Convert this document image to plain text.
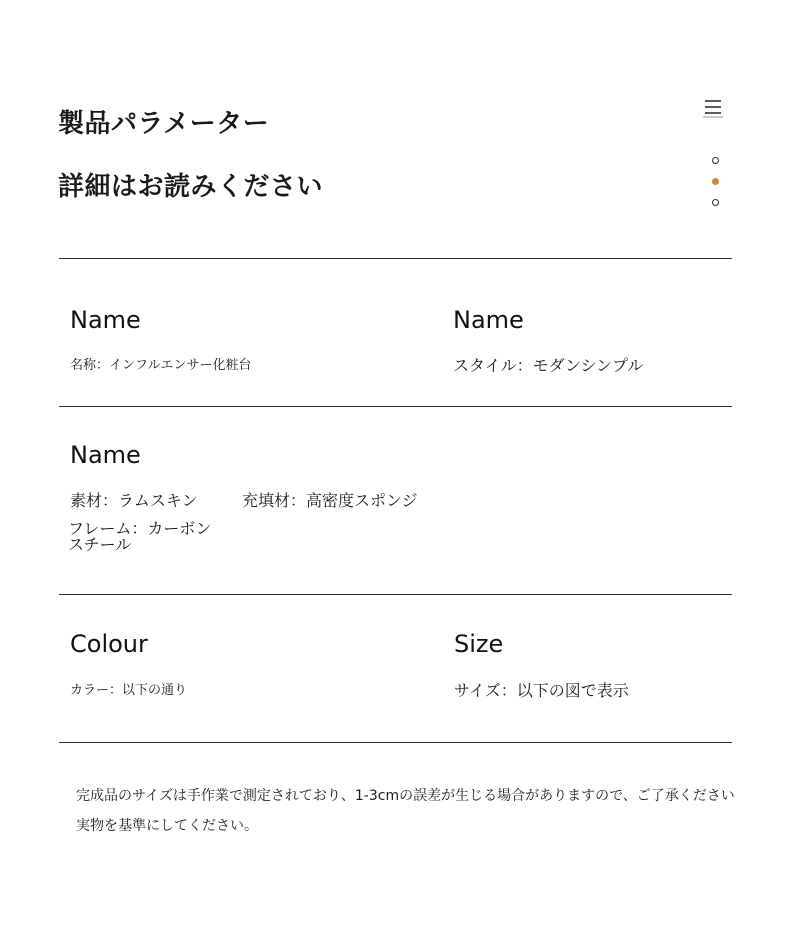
製品パラメーター
詳細はお読みください
Name
名称：インフルエンサー化粧台
Name
スタイル：モダンシンプル
Name
素材：ラムスキン	充填材：高密度スポンジ
フレーム：カーボンスチール
Colour
カラー：以下の通り
Size
サイズ：以下の図で表示
完成品のサイズは手作業で測定されており、1-3cmの誤差が生じる場合がありますので、ご了承ください
実物を基準にしてください。
